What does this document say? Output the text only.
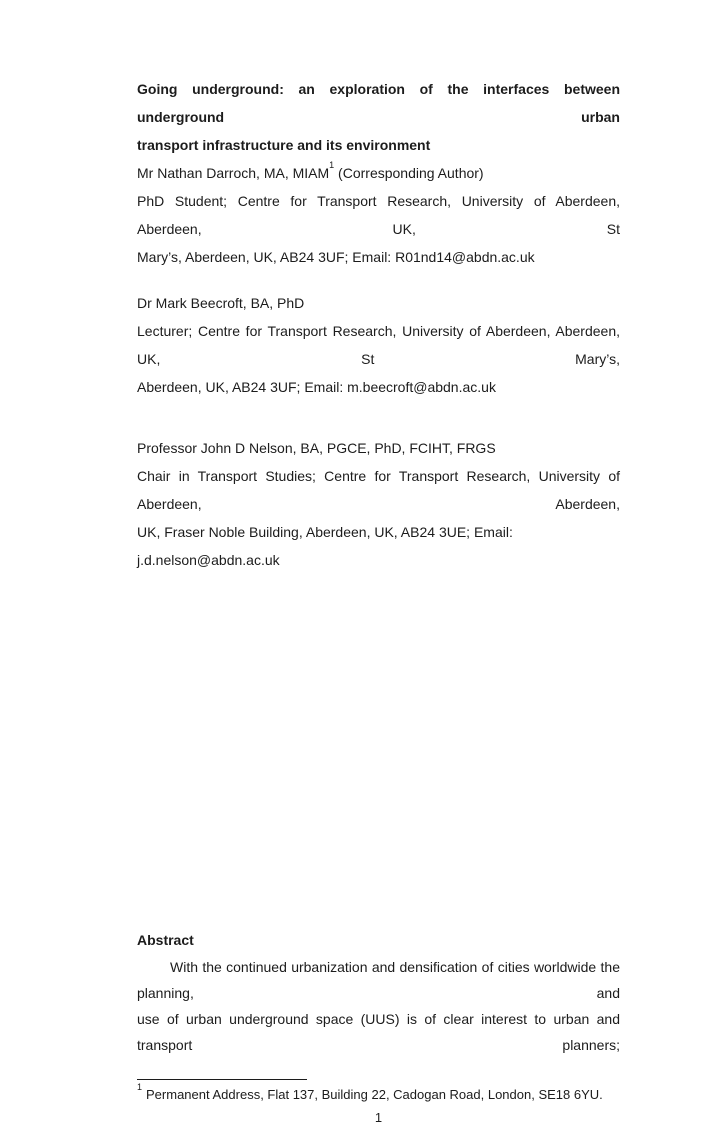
Going underground: an exploration of the interfaces between underground urban
transport infrastructure and its environment
Mr Nathan Darroch, MA, MIAM$^1$ (Corresponding Author)
PhD Student; Centre for Transport Research, University of Aberdeen, Aberdeen, UK, St
Mary’s, Aberdeen, UK, AB24 3UF; Email: R01nd14@abdn.ac.uk
Dr Mark Beecroft, BA, PhD
Lecturer; Centre for Transport Research, University of Aberdeen, Aberdeen, UK, St Mary’s,
Aberdeen, UK, AB24 3UF; Email: m.beecroft@abdn.ac.uk
Professor John D Nelson, BA, PGCE, PhD, FCIHT, FRGS
Chair in Transport Studies; Centre for Transport Research, University of Aberdeen, Aberdeen,
UK, Fraser Noble Building, Aberdeen, UK, AB24 3UE; Email: j.d.nelson@abdn.ac.uk
Abstract
With the continued urbanization and densification of cities worldwide the planning, and
use of urban underground space (UUS) is of clear interest to urban and transport planners;
$^1$Permanent Address, Flat 137, Building 22, Cadogan Road, London, SE18 6YU.
1
